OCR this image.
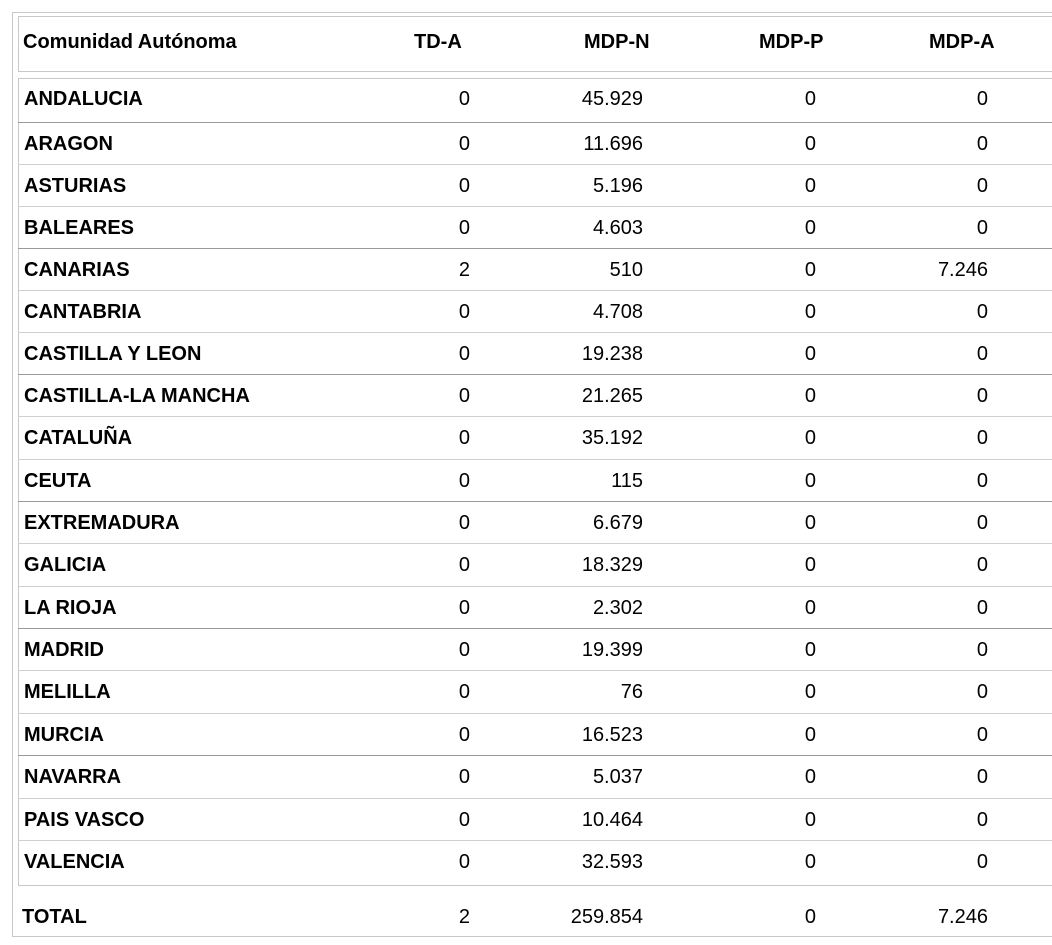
Comunidad Autónoma	TD-A	MDP-N	MDP-P	MDP-A
ANDALUCIA	0	45.929	0	0
ARAGON	0	11.696	0	0
ASTURIAS	0	5.196	0	0
BALEARES	0	4.603	0	0
CANARIAS	2	510	0	7.246
CANTABRIA	0	4.708	0	0
CASTILLA Y LEON	0	19.238	0	0
CASTILLA-LA MANCHA	0	21.265	0	0
CATALUÑA	0	35.192	0	0
CEUTA	0	115	0	0
EXTREMADURA	0	6.679	0	0
GALICIA	0	18.329	0	0
LA RIOJA	0	2.302	0	0
MADRID	0	19.399	0	0
MELILLA	0	76	0	0
MURCIA	0	16.523	0	0
NAVARRA	0	5.037	0	0
PAIS VASCO	0	10.464	0	0
VALENCIA	0	32.593	0	0
TOTAL	2	259.854	0	7.246
